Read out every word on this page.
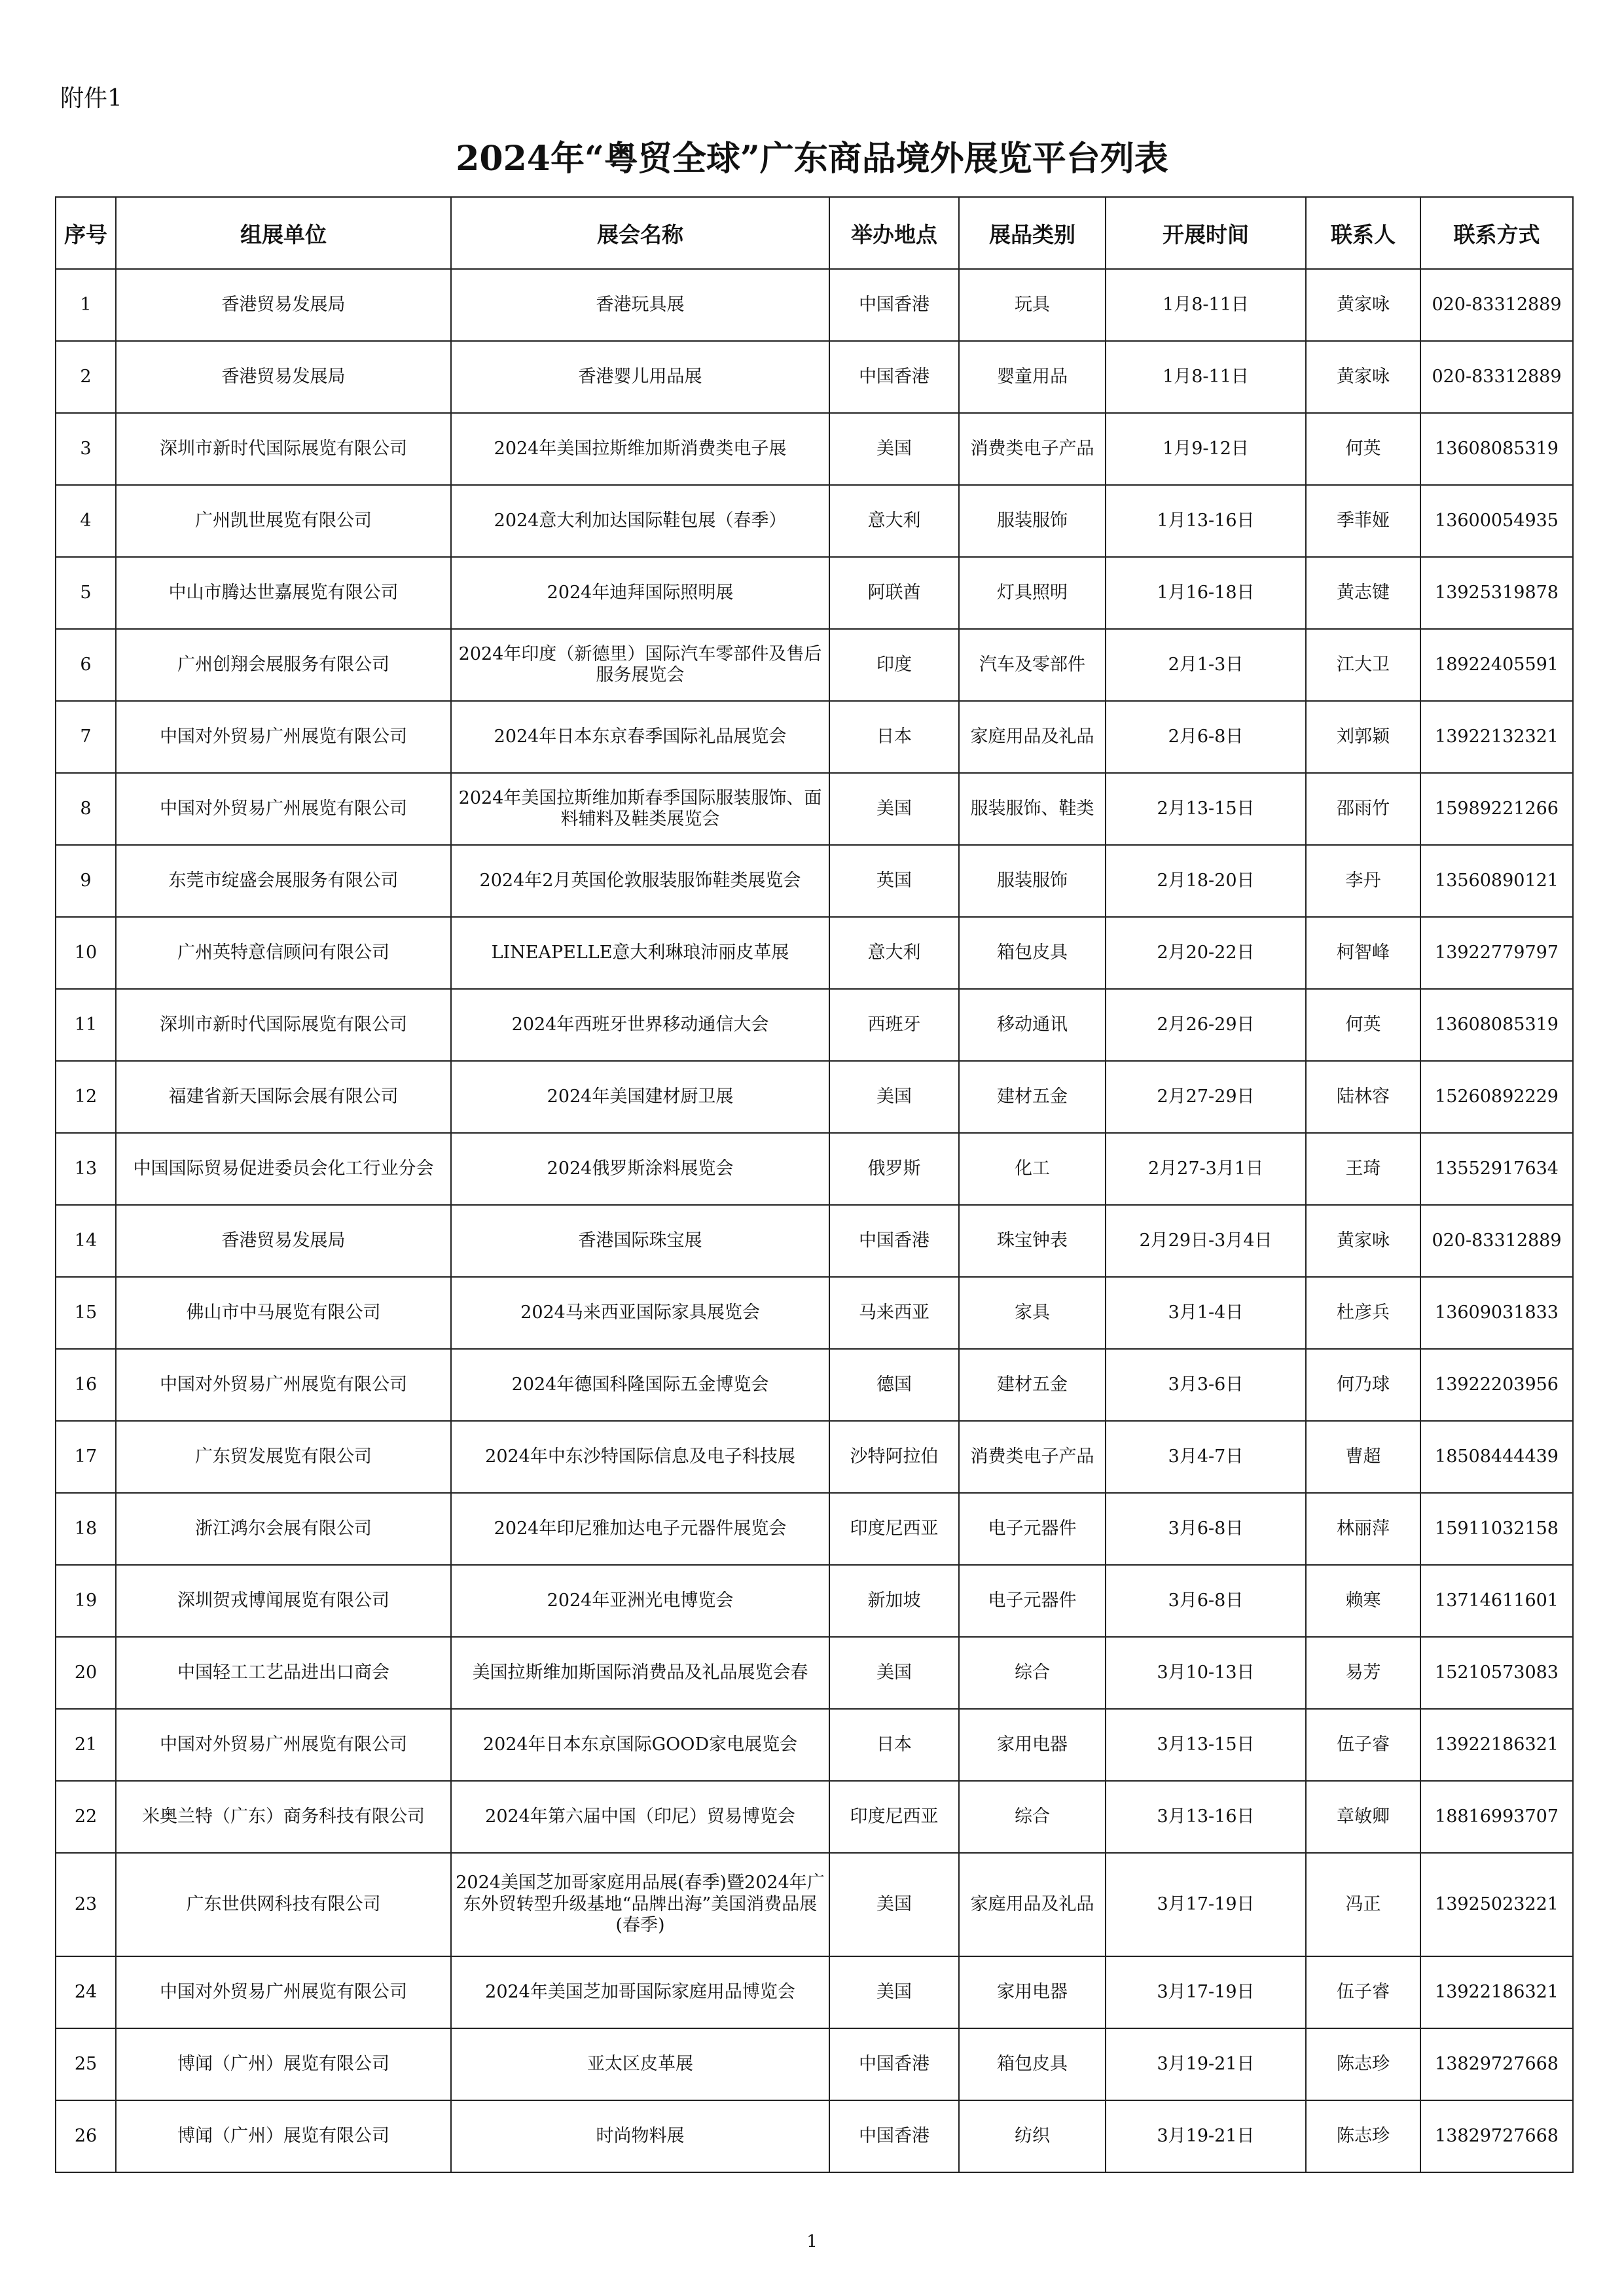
附件1
2024年“粤贸全球”广东商品境外展览平台列表
序号	组展单位	展会名称	举办地点	展品类别	开展时间	联系人	联系方式
1	香港贸易发展局	香港玩具展	中国香港	玩具	1月8-11日	黄家咏	020-83312889
2	香港贸易发展局	香港婴儿用品展	中国香港	婴童用品	1月8-11日	黄家咏	020-83312889
3	深圳市新时代国际展览有限公司	2024年美国拉斯维加斯消费类电子展	美国	消费类电子产品	1月9-12日	何英	13608085319
4	广州凯世展览有限公司	2024意大利加达国际鞋包展（春季）	意大利	服装服饰	1月13-16日	季菲娅	13600054935
5	中山市腾达世嘉展览有限公司	2024年迪拜国际照明展	阿联酋	灯具照明	1月16-18日	黄志键	13925319878
6	广州创翔会展服务有限公司	2024年印度（新德里）国际汽车零部件及售后服务展览会	印度	汽车及零部件	2月1-3日	江大卫	18922405591
7	中国对外贸易广州展览有限公司	2024年日本东京春季国际礼品展览会	日本	家庭用品及礼品	2月6-8日	刘郭颖	13922132321
8	中国对外贸易广州展览有限公司	2024年美国拉斯维加斯春季国际服装服饰、面料辅料及鞋类展览会	美国	服装服饰、鞋类	2月13-15日	邵雨竹	15989221266
9	东莞市绽盛会展服务有限公司	2024年2月英国伦敦服装服饰鞋类展览会	英国	服装服饰	2月18-20日	李丹	13560890121
10	广州英特意信顾问有限公司	LINEAPELLE意大利琳琅沛丽皮革展	意大利	箱包皮具	2月20-22日	柯智峰	13922779797
11	深圳市新时代国际展览有限公司	2024年西班牙世界移动通信大会	西班牙	移动通讯	2月26-29日	何英	13608085319
12	福建省新天国际会展有限公司	2024年美国建材厨卫展	美国	建材五金	2月27-29日	陆林容	15260892229
13	中国国际贸易促进委员会化工行业分会	2024俄罗斯涂料展览会	俄罗斯	化工	2月27-3月1日	王琦	13552917634
14	香港贸易发展局	香港国际珠宝展	中国香港	珠宝钟表	2月29日-3月4日	黄家咏	020-83312889
15	佛山市中马展览有限公司	2024马来西亚国际家具展览会	马来西亚	家具	3月1-4日	杜彦兵	13609031833
16	中国对外贸易广州展览有限公司	2024年德国科隆国际五金博览会	德国	建材五金	3月3-6日	何乃球	13922203956
17	广东贸发展览有限公司	2024年中东沙特国际信息及电子科技展	沙特阿拉伯	消费类电子产品	3月4-7日	曹超	18508444439
18	浙江鸿尔会展有限公司	2024年印尼雅加达电子元器件展览会	印度尼西亚	电子元器件	3月6-8日	林丽萍	15911032158
19	深圳贺戎博闻展览有限公司	2024年亚洲光电博览会	新加坡	电子元器件	3月6-8日	赖寒	13714611601
20	中国轻工工艺品进出口商会	美国拉斯维加斯国际消费品及礼品展览会春	美国	综合	3月10-13日	易芳	15210573083
21	中国对外贸易广州展览有限公司	2024年日本东京国际GOOD家电展览会	日本	家用电器	3月13-15日	伍子睿	13922186321
22	米奥兰特（广东）商务科技有限公司	2024年第六届中国（印尼）贸易博览会	印度尼西亚	综合	3月13-16日	章敏卿	18816993707
23	广东世供网科技有限公司	2024美国芝加哥家庭用品展(春季)暨2024年广东外贸转型升级基地“品牌出海”美国消费品展(春季)	美国	家庭用品及礼品	3月17-19日	冯正	13925023221
24	中国对外贸易广州展览有限公司	2024年美国芝加哥国际家庭用品博览会	美国	家用电器	3月17-19日	伍子睿	13922186321
25	博闻（广州）展览有限公司	亚太区皮革展	中国香港	箱包皮具	3月19-21日	陈志珍	13829727668
26	博闻（广州）展览有限公司	时尚物料展	中国香港	纺织	3月19-21日	陈志珍	13829727668
1
